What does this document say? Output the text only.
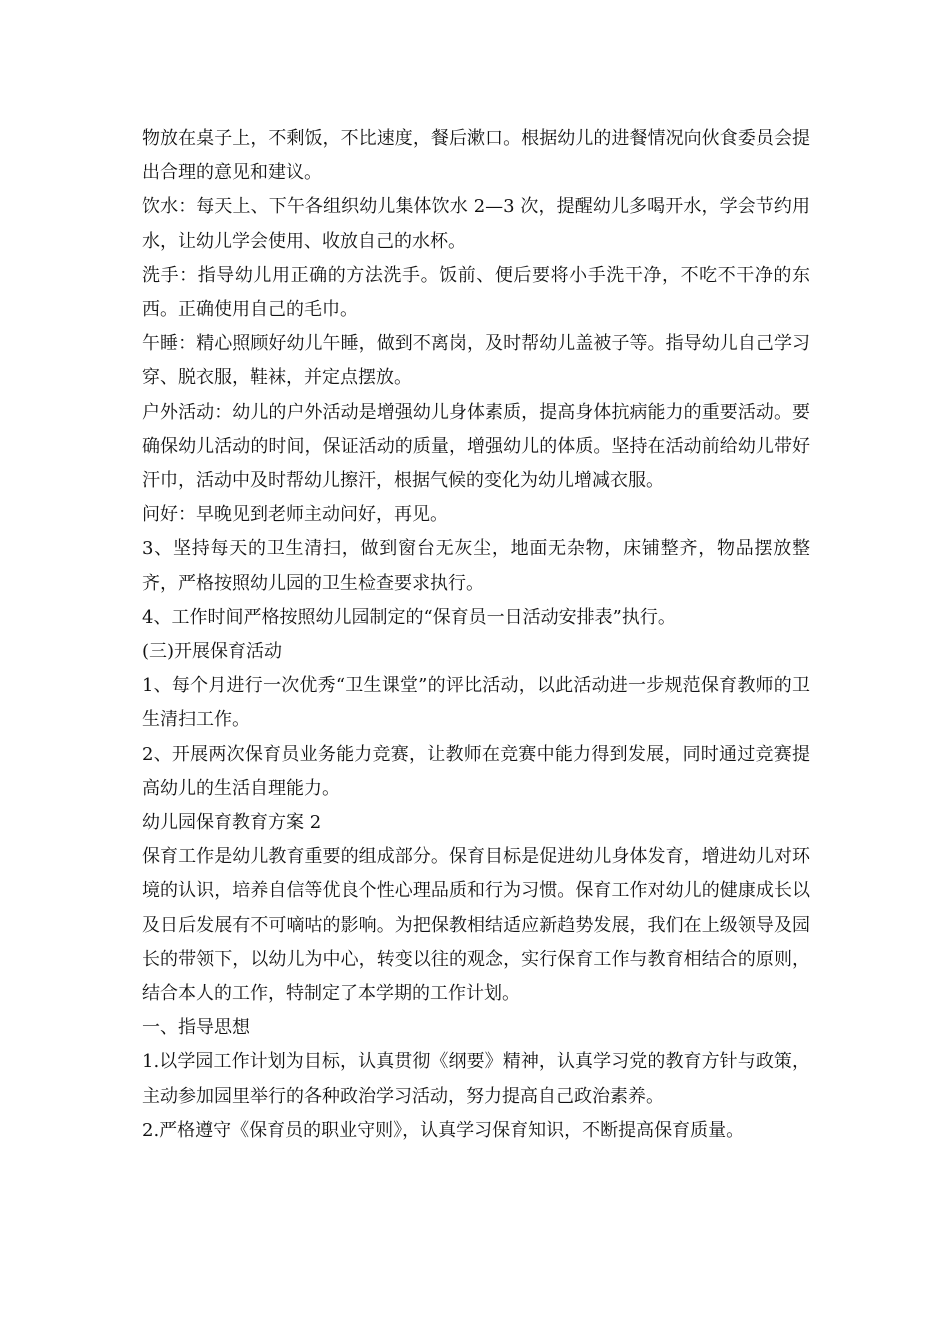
物放在桌子上，不剩饭，不比速度，餐后漱口。根据幼儿的进餐情况向伙食委员会提出合理的意见和建议。

饮水：每天上、下午各组织幼儿集体饮水 2—3 次，提醒幼儿多喝开水，学会节约用水，让幼儿学会使用、收放自己的水杯。

洗手：指导幼儿用正确的方法洗手。饭前、便后要将小手洗干净，不吃不干净的东西。正确使用自己的毛巾。

午睡：精心照顾好幼儿午睡，做到不离岗，及时帮幼儿盖被子等。指导幼儿自己学习穿、脱衣服，鞋袜，并定点摆放。

户外活动：幼儿的户外活动是增强幼儿身体素质，提高身体抗病能力的重要活动。要确保幼儿活动的时间，保证活动的质量，增强幼儿的体质。坚持在活动前给幼儿带好汗巾，活动中及时帮幼儿擦汗，根据气候的变化为幼儿增减衣服。

问好：早晚见到老师主动问好，再见。

3、坚持每天的卫生清扫，做到窗台无灰尘，地面无杂物，床铺整齐，物品摆放整齐，严格按照幼儿园的卫生检查要求执行。

4、工作时间严格按照幼儿园制定的“保育员一日活动安排表”执行。

(三)开展保育活动

1、每个月进行一次优秀“卫生课堂”的评比活动，以此活动进一步规范保育教师的卫生清扫工作。

2、开展两次保育员业务能力竞赛，让教师在竞赛中能力得到发展，同时通过竞赛提高幼儿的生活自理能力。

幼儿园保育教育方案 2

保育工作是幼儿教育重要的组成部分。保育目标是促进幼儿身体发育，增进幼儿对环境的认识，培养自信等优良个性心理品质和行为习惯。保育工作对幼儿的健康成长以及日后发展有不可嘀咕的影响。为把保教相结适应新趋势发展，我们在上级领导及园长的带领下，以幼儿为中心，转变以往的观念，实行保育工作与教育相结合的原则，结合本人的工作，特制定了本学期的工作计划。

一、指导思想

1.以学园工作计划为目标，认真贯彻《纲要》精神，认真学习党的教育方针与政策，主动参加园里举行的各种政治学习活动，努力提高自己政治素养。

2.严格遵守《保育员的职业守则》，认真学习保育知识，不断提高保育质量。
